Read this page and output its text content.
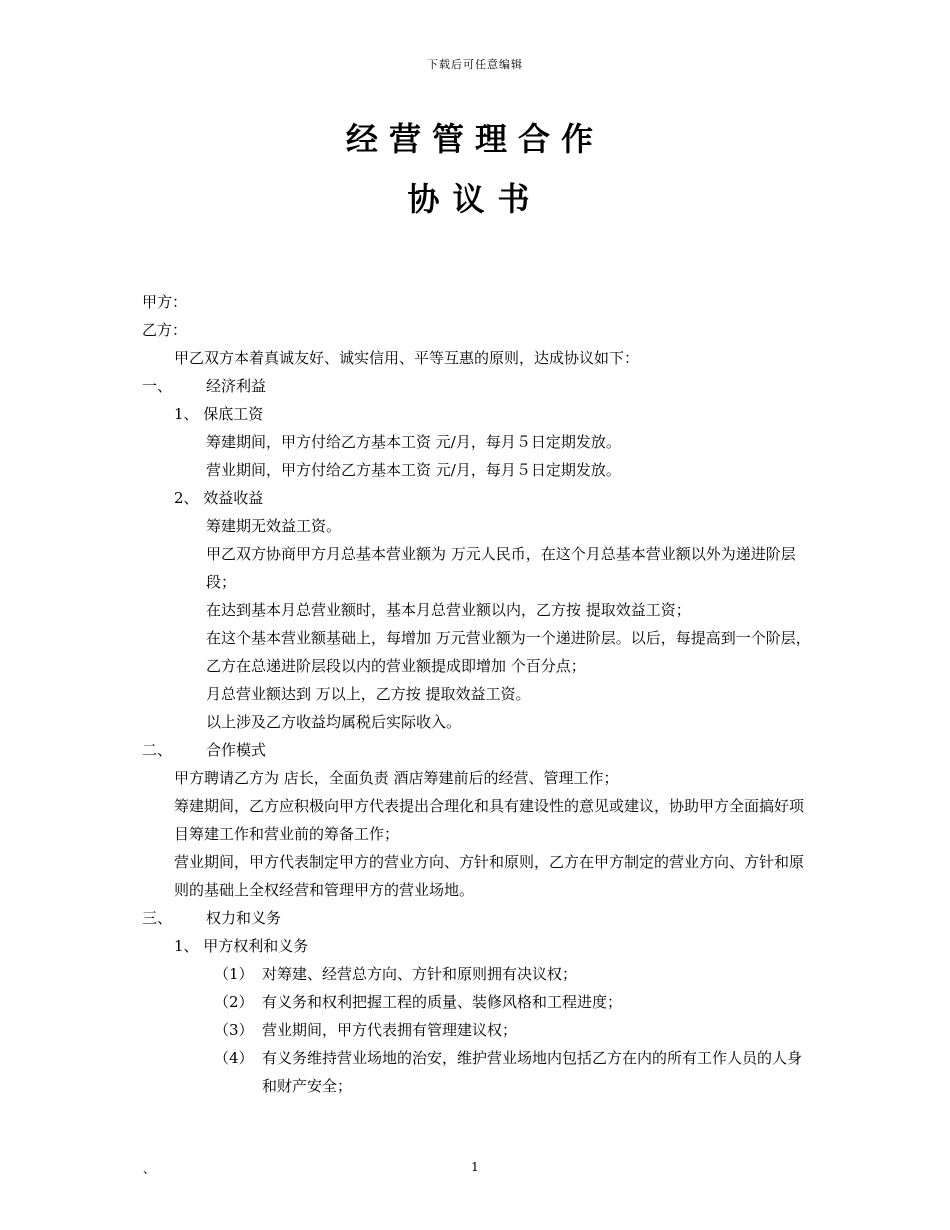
下载后可任意编辑
经营管理合作
协议书

甲方：

乙方：

甲乙双方本着真诚友好、诚实信用、平等互惠的原则，达成协议如下：

一、	经济利益

1、 保底工资

筹建期间，甲方付给乙方基本工资 元/月，每月５日定期发放。

营业期间，甲方付给乙方基本工资 元/月，每月５日定期发放。

2、 效益收益

筹建期无效益工资。

甲乙双方协商甲方月总基本营业额为 万元人民币，在这个月总基本营业额以外为递进阶层段；

在达到基本月总营业额时，基本月总营业额以内，乙方按 提取效益工资；

在这个基本营业额基础上，每增加 万元营业额为一个递进阶层。以后，每提高到一个阶层，乙方在总递进阶层段以内的营业额提成即增加 个百分点；

月总营业额达到 万以上，乙方按 提取效益工资。

以上涉及乙方收益均属税后实际收入。

二、	合作模式

甲方聘请乙方为 店长，全面负责 酒店筹建前后的经营、管理工作；

筹建期间，乙方应积极向甲方代表提出合理化和具有建设性的意见或建议，协助甲方全面搞好项目筹建工作和营业前的筹备工作；

营业期间，甲方代表制定甲方的营业方向、方针和原则，乙方在甲方制定的营业方向、方针和原则的基础上全权经营和管理甲方的营业场地。

三、	权力和义务

1、 甲方权利和义务

（1） 对筹建、经营总方向、方针和原则拥有决议权；
（2） 有义务和权利把握工程的质量、装修风格和工程进度；
（3） 营业期间，甲方代表拥有管理建议权；
（4） 有义务维持营业场地的治安，维护营业场地内包括乙方在内的所有工作人员的人身和财产安全；
、	1
